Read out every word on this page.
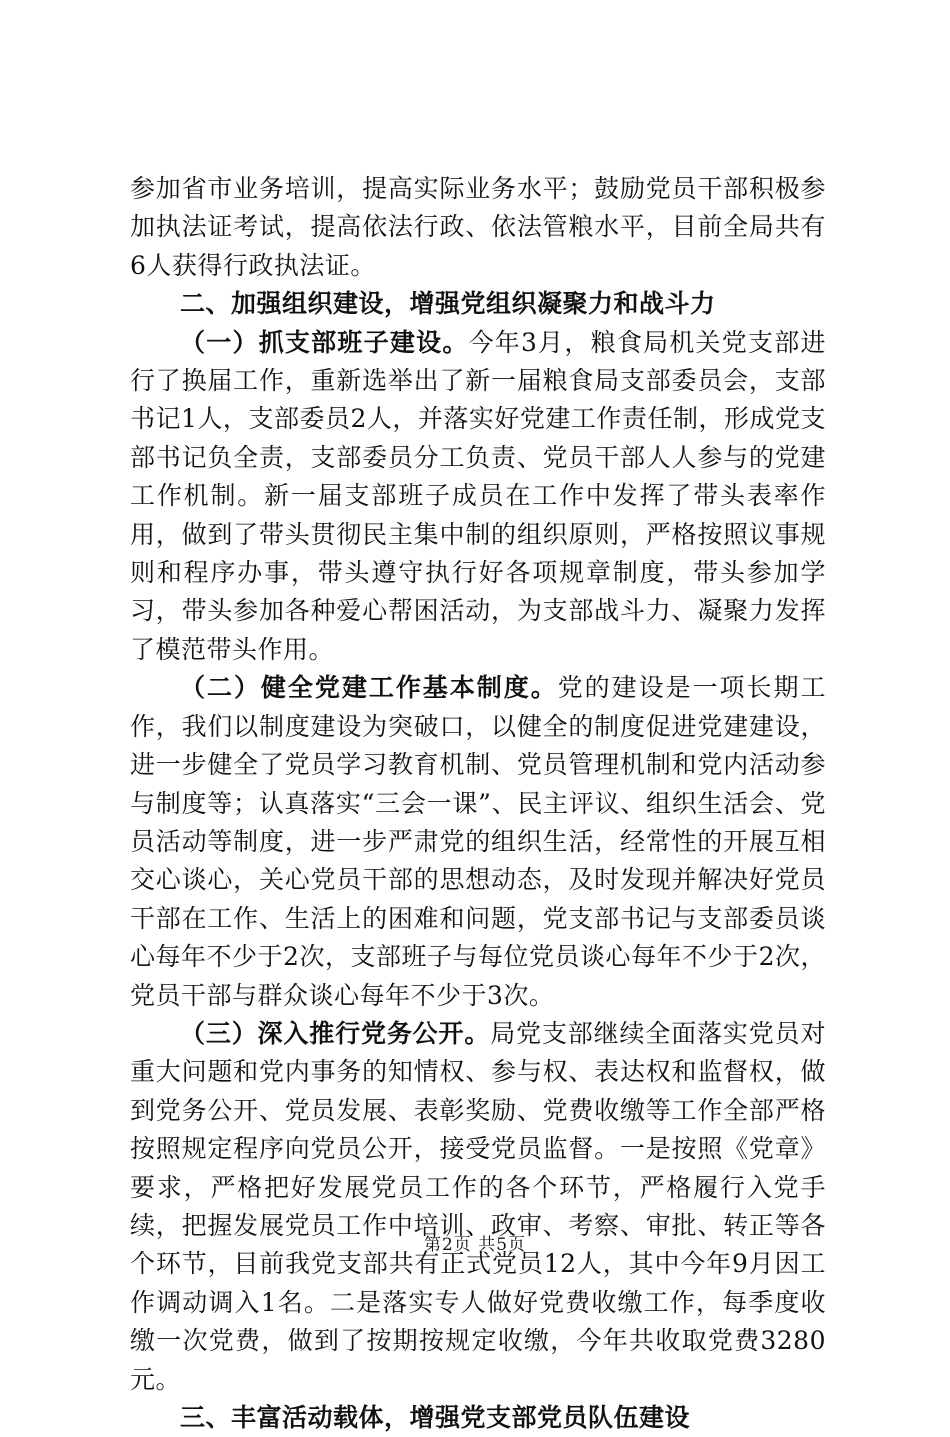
参加省市业务培训，提高实际业务水平；鼓励党员干部积极参加执法证考试，提高依法行政、依法管粮水平，目前全局共有6人获得行政执法证。

二、加强组织建设，增强党组织凝聚力和战斗力

（一）抓支部班子建设。今年3月，粮食局机关党支部进行了换届工作，重新选举出了新一届粮食局支部委员会，支部书记1人，支部委员2人，并落实好党建工作责任制，形成党支部书记负全责，支部委员分工负责、党员干部人人参与的党建工作机制。新一届支部班子成员在工作中发挥了带头表率作用，做到了带头贯彻民主集中制的组织原则，严格按照议事规则和程序办事，带头遵守执行好各项规章制度，带头参加学习，带头参加各种爱心帮困活动，为支部战斗力、凝聚力发挥了模范带头作用。

（二）健全党建工作基本制度。党的建设是一项长期工作，我们以制度建设为突破口，以健全的制度促进党建建设，进一步健全了党员学习教育机制、党员管理机制和党内活动参与制度等；认真落实“三会一课”、民主评议、组织生活会、党员活动等制度，进一步严肃党的组织生活，经常性的开展互相交心谈心，关心党员干部的思想动态，及时发现并解决好党员干部在工作、生活上的困难和问题，党支部书记与支部委员谈心每年不少于2次，支部班子与每位党员谈心每年不少于2次，党员干部与群众谈心每年不少于3次。

（三）深入推行党务公开。局党支部继续全面落实党员对重大问题和党内事务的知情权、参与权、表达权和监督权，做到党务公开、党员发展、表彰奖励、党费收缴等工作全部严格按照规定程序向党员公开，接受党员监督。一是按照《党章》要求，严格把好发展党员工作的各个环节，严格履行入党手续，把握发展党员工作中培训、政审、考察、审批、转正等各个环节，目前我党支部共有正式党员12人，其中今年9月因工作调动调入1名。二是落实专人做好党费收缴工作，每季度收缴一次党费，做到了按期按规定收缴，今年共收取党费3280元。

三、丰富活动载体，增强党支部党员队伍建设

第2页 共5页
